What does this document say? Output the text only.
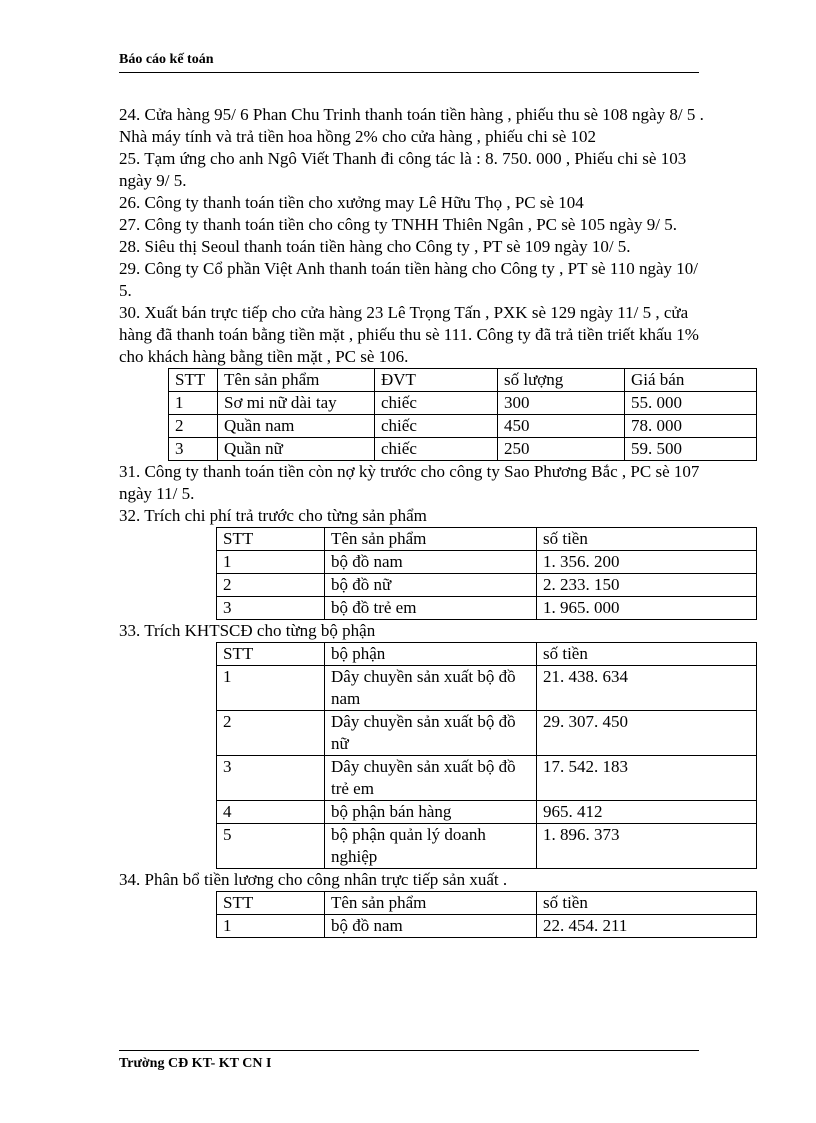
Báo cáo kế toán

24. Cửa hàng 95/ 6 Phan Chu Trinh thanh toán tiền hàng , phiếu thu sè 108 ngày 8/ 5 . Nhà máy tính và trả tiền hoa hồng 2% cho cửa hàng , phiếu chi sè 102

25. Tạm ứng cho anh Ngô Viết Thanh đi công tác là : 8. 750. 000 , Phiếu chi sè 103 ngày 9/ 5.

26. Công ty thanh toán tiền cho xưởng may Lê Hữu Thọ , PC sè 104

27. Công ty thanh toán tiền cho công ty TNHH Thiên Ngân , PC sè 105 ngày 9/ 5.

28. Siêu thị Seoul thanh toán tiền hàng cho Công ty , PT sè 109 ngày 10/ 5.

29. Công ty Cổ phần Việt Anh thanh toán tiền hàng cho Công ty , PT sè 110 ngày 10/ 5.

30. Xuất bán trực tiếp cho cửa hàng 23 Lê Trọng Tấn , PXK sè 129 ngày 11/ 5 , cửa hàng đã thanh toán bằng tiền mặt , phiếu thu sè 111. Công ty đã trả tiền triết khấu 1% cho khách hàng bằng tiền mặt , PC sè 106.

STT	Tên sản phẩm	ĐVT	số lượng	Giá bán
1	Sơ mi nữ dài tay	chiếc	300	55. 000
2	Quần nam	chiếc	450	78. 000
3	Quần nữ	chiếc	250	59. 500

31. Công ty thanh toán tiền còn nợ kỳ trước cho công ty Sao Phương Bắc , PC sè 107 ngày 11/ 5.

32. Trích chi phí trả trước cho từng sản phẩm

STT	Tên sản phẩm	số tiền
1	bộ đồ nam	1. 356. 200
2	bộ đồ nữ	2. 233. 150
3	bộ đồ trẻ em	1. 965. 000

33. Trích KHTSCĐ cho từng bộ phận

STT	bộ phận	số tiền
1	Dây chuyền sản xuất bộ đồ nam	21. 438. 634
2	Dây chuyền sản xuất bộ đồ nữ	29. 307. 450
3	Dây chuyền sản xuất bộ đồ trẻ em	17. 542. 183
4	bộ phận bán hàng	965. 412
5	bộ phận quản lý doanh nghiệp	1. 896. 373

34. Phân bổ tiền lương cho công nhân trực tiếp sản xuất .

STT	Tên sản phẩm	số tiền
1	bộ đồ nam	22. 454. 211
Trường CĐ KT- KT CN I
